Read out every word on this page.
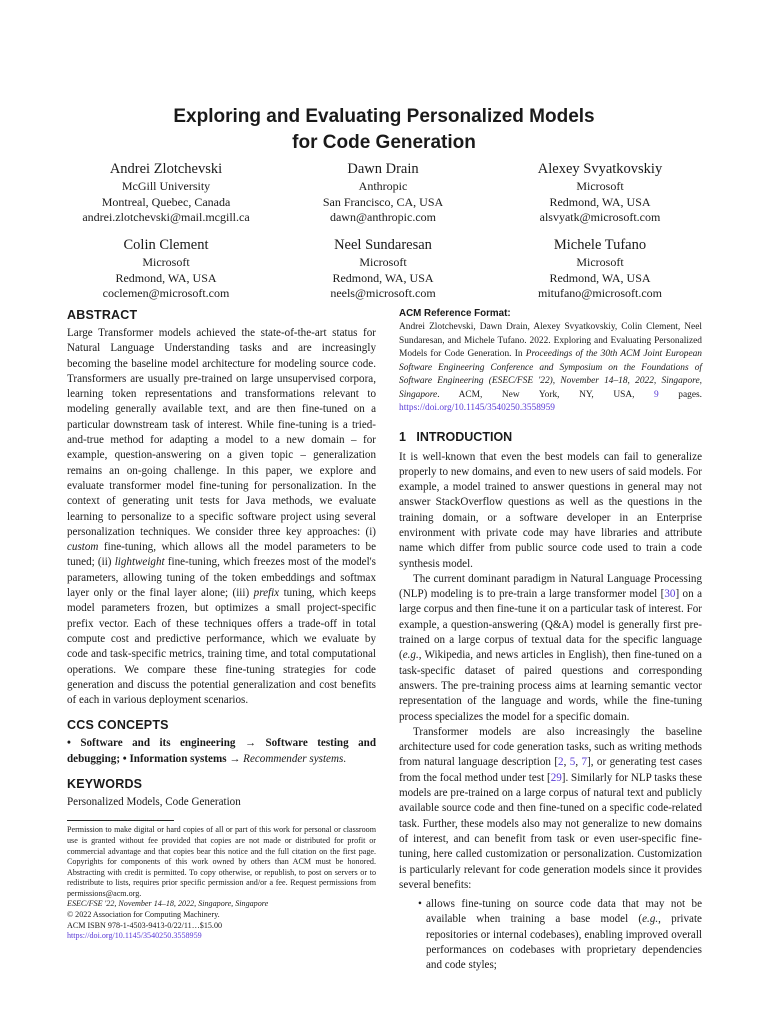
Exploring and Evaluating Personalized Models
for Code Generation
Andrei Zlotchevski
McGill University
Montreal, Quebec, Canada
andrei.zlotchevski@mail.mcgill.ca
Dawn Drain
Anthropic
San Francisco, CA, USA
dawn@anthropic.com
Alexey Svyatkovskiy
Microsoft
Redmond, WA, USA
alsvyatk@microsoft.com
Colin Clement
Microsoft
Redmond, WA, USA
coclemen@microsoft.com
Neel Sundaresan
Microsoft
Redmond, WA, USA
neels@microsoft.com
Michele Tufano
Microsoft
Redmond, WA, USA
mitufano@microsoft.com
ABSTRACT

Large Transformer models achieved the state-of-the-art status for Natural Language Understanding tasks and are increasingly becoming the baseline model architecture for modeling source code. Transformers are usually pre-trained on large unsupervised corpora, learning token representations and transformations relevant to modeling generally available text, and are then fine-tuned on a particular downstream task of interest. While fine-tuning is a tried-and-true method for adapting a model to a new domain – for example, question-answering on a given topic – generalization remains an on-going challenge. In this paper, we explore and evaluate transformer model fine-tuning for personalization. In the context of generating unit tests for Java methods, we evaluate learning to personalize to a specific software project using several personalization techniques. We consider three key approaches: (i) custom fine-tuning, which allows all the model parameters to be tuned; (ii) lightweight fine-tuning, which freezes most of the model's parameters, allowing tuning of the token embeddings and softmax layer only or the final layer alone; (iii) prefix tuning, which keeps model parameters frozen, but optimizes a small project-specific prefix vector. Each of these techniques offers a trade-off in total compute cost and predictive performance, which we evaluate by code and task-specific metrics, training time, and total computational operations. We compare these fine-tuning strategies for code generation and discuss the potential generalization and cost benefits of each in various deployment scenarios.

CCS CONCEPTS

• Software and its engineering → Software testing and debugging; • Information systems → Recommender systems.

KEYWORDS

Personalized Models, Code Generation

Permission to make digital or hard copies of all or part of this work for personal or classroom use is granted without fee provided that copies are not made or distributed for profit or commercial advantage and that copies bear this notice and the full citation on the first page. Copyrights for components of this work owned by others than ACM must be honored. Abstracting with credit is permitted. To copy otherwise, or republish, to post on servers or to redistribute to lists, requires prior specific permission and/or a fee. Request permissions from permissions@acm.org.

ESEC/FSE '22, November 14–18, 2022, Singapore, Singapore

© 2022 Association for Computing Machinery.

ACM ISBN 978-1-4503-9413-0/22/11…$15.00

https://doi.org/10.1145/3540250.3558959

ACM Reference Format:

Andrei Zlotchevski, Dawn Drain, Alexey Svyatkovskiy, Colin Clement, Neel Sundaresan, and Michele Tufano. 2022. Exploring and Evaluating Personalized Models for Code Generation. In Proceedings of the 30th ACM Joint European Software Engineering Conference and Symposium on the Foundations of Software Engineering (ESEC/FSE '22), November 14–18, 2022, Singapore, Singapore. ACM, New York, NY, USA, 9 pages. https://doi.org/10.1145/3540250.3558959

1   INTRODUCTION

It is well-known that even the best models can fail to generalize properly to new domains, and even to new users of said models. For example, a model trained to answer questions in general may not answer StackOverflow questions as well as the questions in the training domain, or a software developer in an Enterprise environment with private code may have libraries and attribute name which differ from public source code used to train a code synthesis model.

The current dominant paradigm in Natural Language Processing (NLP) modeling is to pre-train a large transformer model [30] on a large corpus and then fine-tune it on a particular task of interest. For example, a question-answering (Q&A) model is generally first pre-trained on a large corpus of textual data for the specific language (e.g., Wikipedia, and news articles in English), then fine-tuned on a task-specific dataset of paired questions and corresponding answers. The pre-training process aims at learning semantic vector representation of the language and words, while the fine-tuning process specializes the model for a specific domain.

Transformer models are also increasingly the baseline architecture used for code generation tasks, such as writing methods from natural language description [2, 5, 7], or generating test cases from the focal method under test [29]. Similarly for NLP tasks these models are pre-trained on a large corpus of natural text and publicly available source code and then fine-tuned on a specific code-related task. Further, these models also may not generalize to new domains of interest, and can benefit from task or even user-specific fine-tuning, here called customization or personalization. Customization is particularly relevant for code generation models since it provides several benefits:

• allows fine-tuning on source code data that may not be available when training a base model (e.g., private repositories or internal codebases), enabling improved overall performances on codebases with proprietary dependencies and code styles;
